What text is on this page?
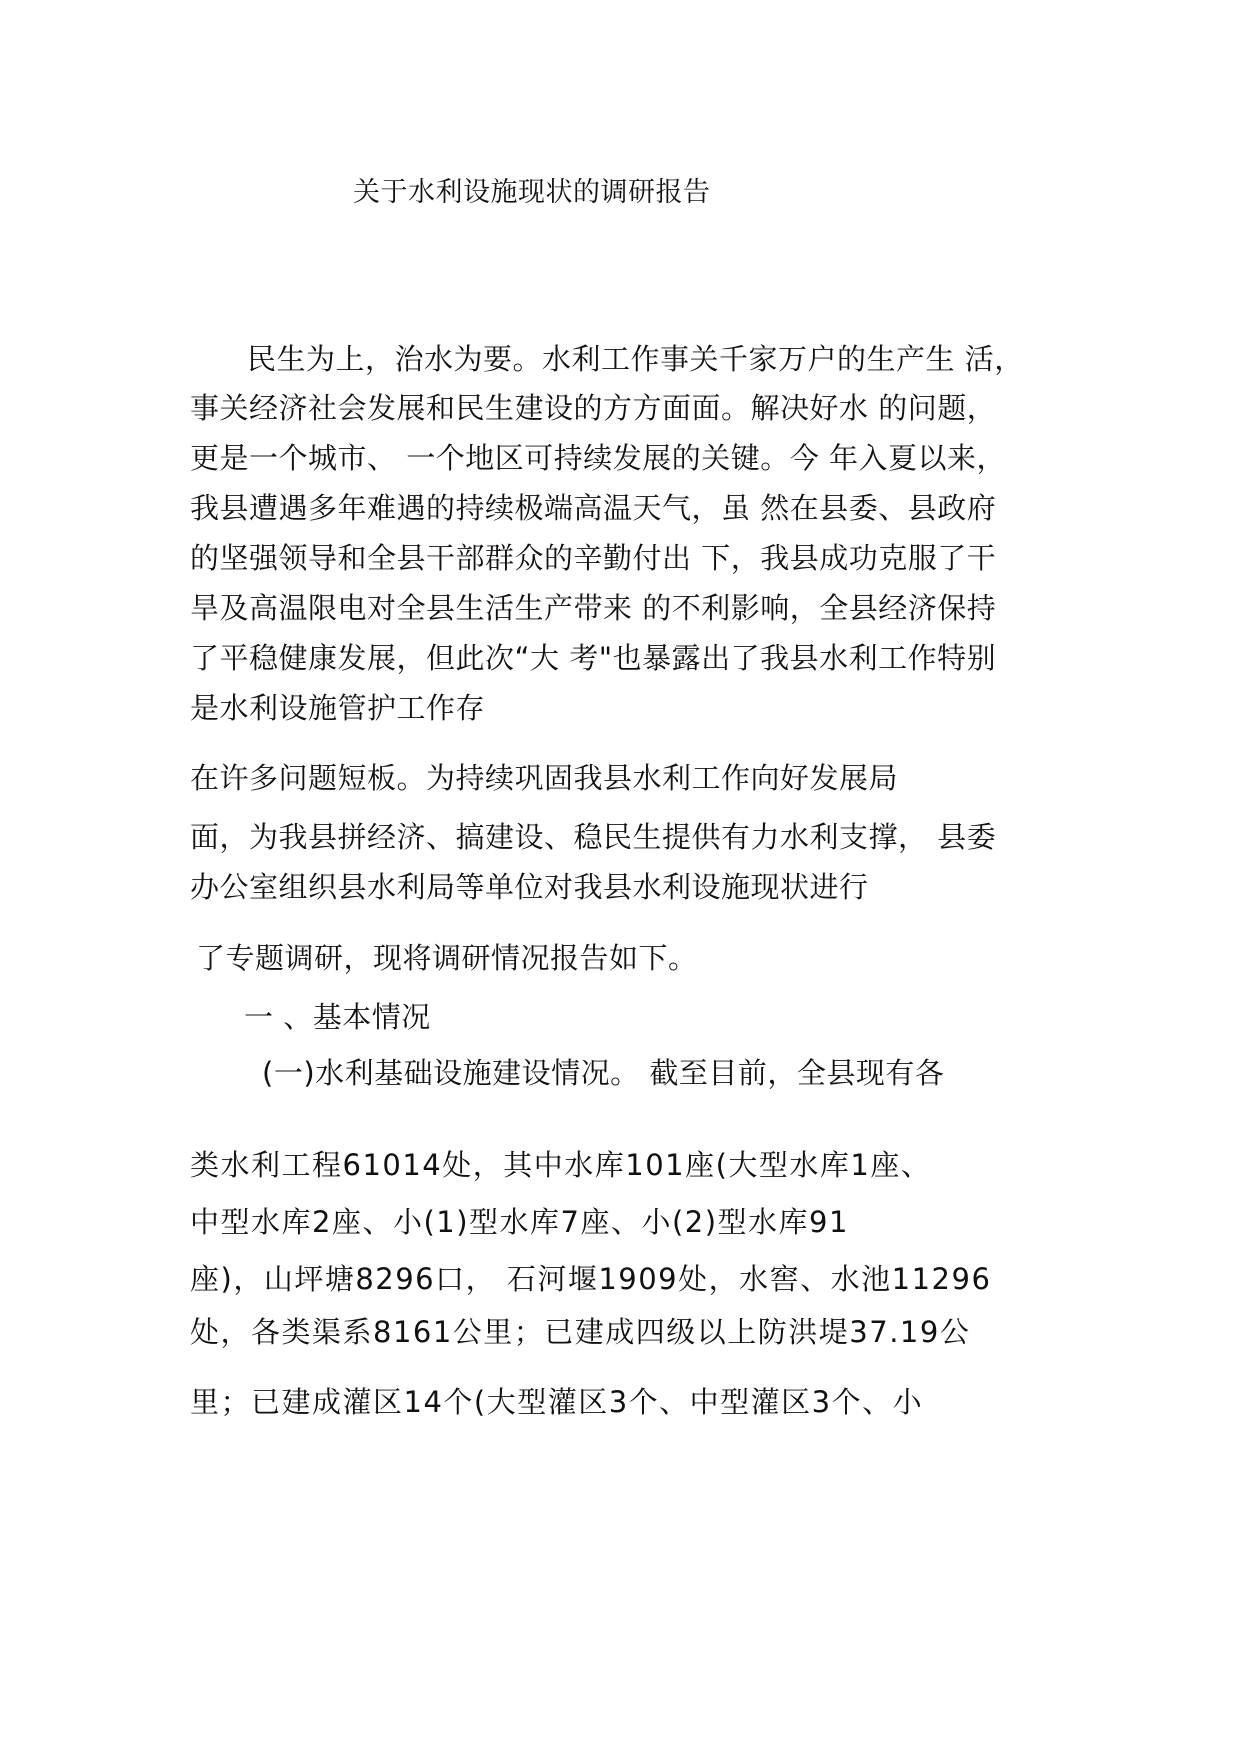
关于水利设施现状的调研报告
民生为上，治水为要。水利工作事关千家万户的生产生 活，
事关经济社会发展和民生建设的方方面面。解决好水 的问题，
更是一个城市、 一个地区可持续发展的关键。今 年入夏以来，
我县遭遇多年难遇的持续极端高温天气，虽 然在县委、县政府
的坚强领导和全县干部群众的辛勤付出 下，我县成功克服了干
旱及高温限电对全县生活生产带来 的不利影响，全县经济保持
了平稳健康发展，但此次“大 考"也暴露出了我县水利工作特别
是水利设施管护工作存
在许多问题短板。为持续巩固我县水利工作向好发展局
面，为我县拼经济、搞建设、稳民生提供有力水利支撑， 县委
办公室组织县水利局等单位对我县水利设施现状进行
了专题调研，现将调研情况报告如下。
一 、基本情况
(一)水利基础设施建设情况。 截至目前，全县现有各
类水利工程61014处，其中水库101座(大型水库1座、
中型水库2座、小(1)型水库7座、小(2)型水库91
座)，山坪塘8296口， 石河堰1909处，水窖、水池11296
处，各类渠系8161公里；已建成四级以上防洪堤37.19公
里；已建成灌区14个(大型灌区3个、中型灌区3个、小
